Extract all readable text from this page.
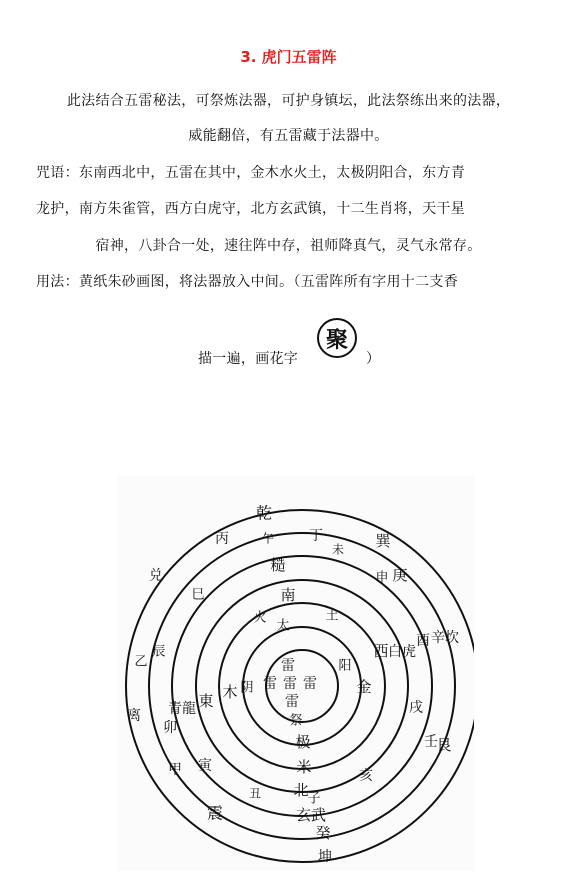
3. 虎门五雷阵
此法结合五雷秘法，可祭炼法器，可护身镇坛，此法祭练出来的法器，
威能翻倍，有五雷藏于法器中。
咒语：东南西北中，五雷在其中，金木水火土，太极阴阳合，东方青
龙护，南方朱雀管，西方白虎守，北方玄武镇，十二生肖将，天干星
宿神，八卦合一处，速往阵中存，祖师降真气，灵气永常存。
用法：黄纸朱砂画图，将法器放入中间。（五雷阵所有字用十二支香
描一遍，画花字
聚
）
雷
雷 雷 雷
雷
太
阳
祭
阴
南
金
极
木
火	土
糙
西
米
東
午
白虎
北
青龍
未
亥
巳
寅
丙
酉
玄武
卯
申
戌
辰
甲
乾
辛坎
子
离
丁
壬
乙
丑
巽
庚
艮
癸
坤
震
兑
